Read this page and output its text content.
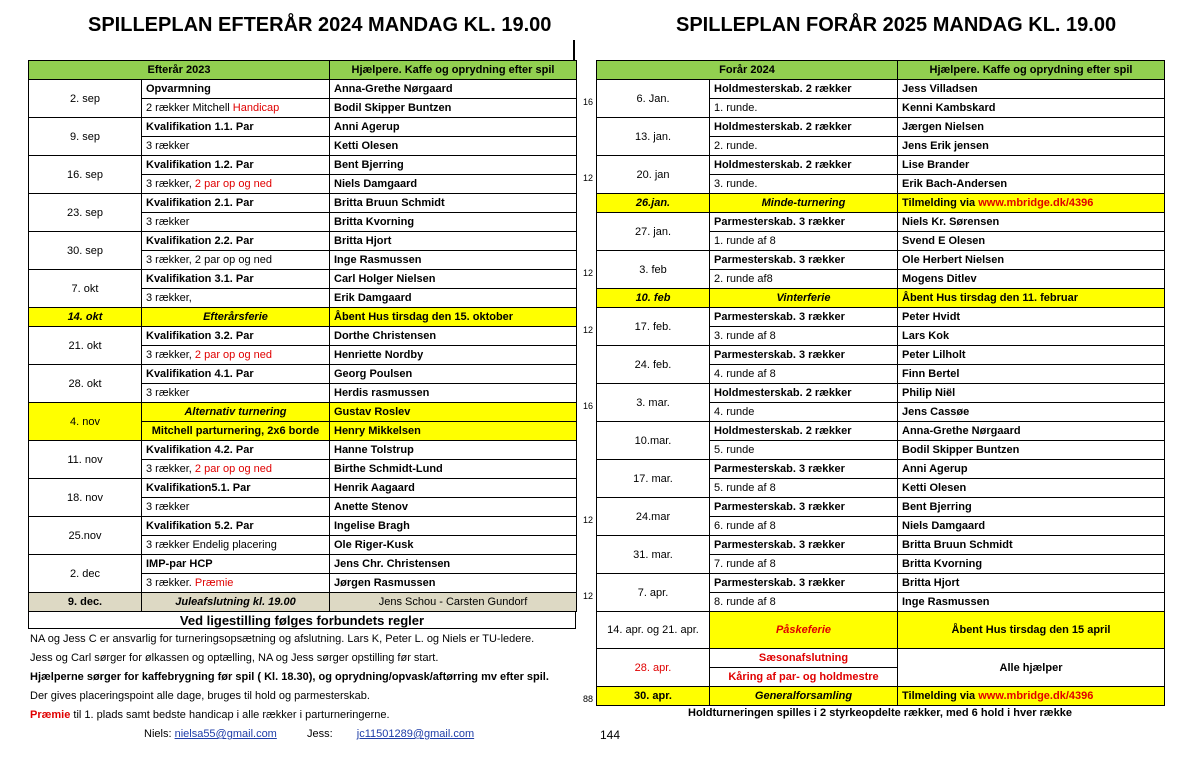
SPILLEPLAN EFTERÅR 2024 MANDAG KL. 19.00	SPILLEPLAN FORÅR 2025 MANDAG KL. 19.00
Efterår 2023		Hjælpere. Kaffe og oprydning efter spil
2. sep	Opvarmning	Anna-Grethe Nørgaard
	2 rækker Mitchell Handicap	Bodil Skipper Buntzen
9. sep	Kvalifikation 1.1. Par	Anni Agerup
	3 rækker	Ketti Olesen
16. sep	Kvalifikation 1.2. Par	Bent Bjerring
	3 rækker, 2 par op og ned	Niels Damgaard
23. sep	Kvalifikation 2.1. Par	Britta Bruun Schmidt
	3 rækker	Britta Kvorning
30. sep	Kvalifikation 2.2. Par	Britta Hjort
	3 rækker, 2 par op og ned	Inge Rasmussen
7. okt	Kvalifikation 3.1. Par	Carl Holger Nielsen
	3 rækker,	Erik Damgaard
14. okt	Efterårsferie	Åbent Hus tirsdag den 15. oktober
21. okt	Kvalifikation 3.2. Par	Dorthe Christensen
	3 rækker, 2 par op og ned	Henriette Nordby
28. okt	Kvalifikation 4.1. Par	Georg Poulsen
	3 rækker	Herdis rasmussen
4. nov	Alternativ turnering	Gustav Roslev
	Mitchell parturnering, 2x6 borde	Henry Mikkelsen
11. nov	Kvalifikation 4.2. Par	Hanne Tolstrup
	3 rækker, 2 par op og ned	Birthe Schmidt-Lund
18. nov	Kvalifikation5.1. Par	Henrik Aagaard
	3 rækker	Anette Stenov
25.nov	Kvalifikation 5.2. Par	Ingelise Bragh
	3 rækker Endelig placering	Ole Riger-Kusk
2. dec	IMP-par HCP	Jens Chr. Christensen
	3 rækker. Præmie	Jørgen Rasmussen
9. dec.	Juleafslutning kl. 19.00	Jens Schou - Carsten Gundorf
Forår 2024		Hjælpere. Kaffe og oprydning efter spil
6. Jan.	Holdmesterskab. 2 rækker	Jess Villadsen
	1. runde.	Kenni Kambskard
13. jan.	Holdmesterskab. 2 rækker	Jærgen Nielsen
	2. runde.	Jens Erik jensen
20. jan	Holdmesterskab. 2 rækker	Lise Brander
	3. runde.	Erik Bach-Andersen
26.jan.	Minde-turnering	Tilmelding via www.mbridge.dk/4396
27. jan.	Parmesterskab. 3 rækker	Niels Kr. Sørensen
	1. runde af 8	Svend E Olesen
3. feb	Parmesterskab. 3 rækker	Ole Herbert Nielsen
	2. runde af8	Mogens Ditlev
10. feb	Vinterferie	Åbent Hus tirsdag den 11. februar
17. feb.	Parmesterskab. 3 rækker	Peter Hvidt
	3. runde af 8	Lars Kok
24. feb.	Parmesterskab. 3 rækker	Peter Lilholt
	4. runde af 8	Finn Bertel
3. mar.	Holdmesterskab. 2 rækker	Philip Niël
	4. runde	Jens Cassøe
10.mar.	Holdmesterskab. 2 rækker	Anna-Grethe Nørgaard
	5. runde	Bodil Skipper Buntzen
17. mar.	Parmesterskab. 3 rækker	Anni Agerup
	5. runde af 8	Ketti Olesen
24.mar	Parmesterskab. 3 rækker	Bent Bjerring
	6. runde af 8	Niels Damgaard
31. mar.	Parmesterskab. 3 rækker	Britta Bruun Schmidt
	7. runde af 8	Britta Kvorning
7. apr.	Parmesterskab. 3 rækker	Britta Hjort
	8. runde af 8	Inge Rasmussen
14. apr. og 21. apr.	Påskeferie	Åbent Hus tirsdag den 15 april
28. apr.	Sæsonafslutning	Alle hjælper
	Kåring af par- og holdmestre	
30. apr.	Generalforsamling	Tilmelding via www.mbridge.dk/4396
16
12
12
12
16
12
12
88
Ved ligestilling følges forbundets regler
NA og Jess C er ansvarlig for turneringsopsætning og afslutning. Lars K, Peter L. og Niels er TU-ledere.
Jess og Carl sørger for ølkassen og optælling, NA og Jess sørger opstilling før start.
Hjælperne sørger for kaffebrygning før spil ( Kl. 18.30), og oprydning/opvask/aftørring mv efter spil.
Der gives placeringspoint alle dage, bruges til hold og parmesterskab.
Præmie til 1. plads samt bedste handicap i alle rækker i parturneringerne.
Niels: nielsa55@gmail.com	Jess: jc11501289@gmail.com
Holdturneringen spilles i 2 styrkeopdelte rækker, med 6 hold i hver række
144
